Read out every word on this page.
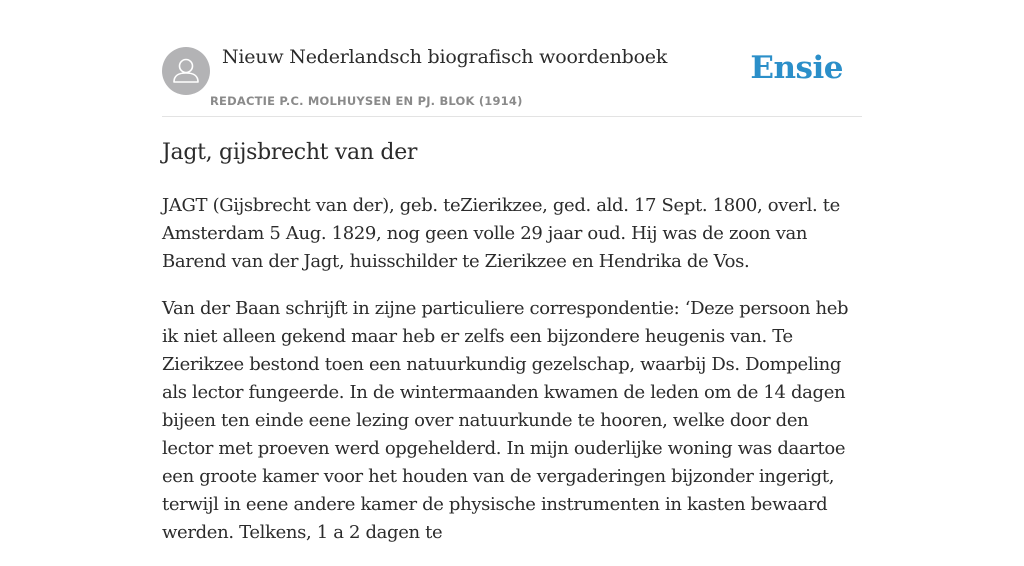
Nieuw Nederlandsch biografisch woordenboek
REDACTIE P.C. MOLHUYSEN EN PJ. BLOK (1914)
Ensie
Jagt, gijsbrecht van der

JAGT (Gijsbrecht van der), geb. teZierikzee, ged. ald. 17 Sept. 1800, overl. te Amsterdam 5 Aug. 1829, nog geen volle 29 jaar oud. Hij was de zoon van Barend van der Jagt, huisschilder te Zierikzee en Hendrika de Vos.

Van der Baan schrijft in zijne particuliere correspondentie: ‘Deze persoon heb ik niet alleen gekend maar heb er zelfs een bijzondere heugenis van. Te Zierikzee bestond toen een natuurkundig gezelschap, waarbij Ds. Dompeling als lector fungeerde. In de wintermaanden kwamen de leden om de 14 dagen bijeen ten einde eene lezing over natuurkunde te hooren, welke door den lector met proeven werd opgehelderd. In mijn ouderlijke woning was daartoe een groote kamer voor het houden van de vergaderingen bijzonder ingerigt, terwijl in eene andere kamer de physische instrumenten in kasten bewaard werden. Telkens, 1 a 2 dagen te
